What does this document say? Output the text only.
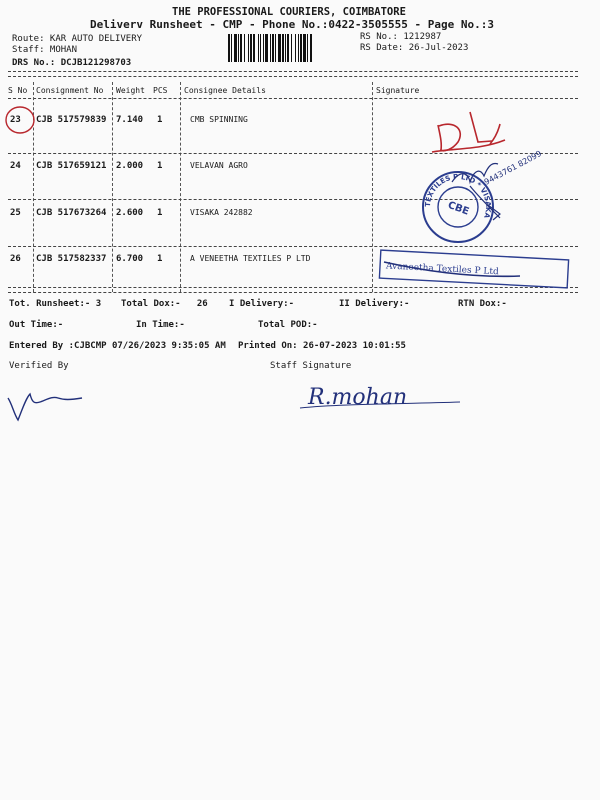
THE PROFESSIONAL COURIERS, COIMBATORE
Deliverv Runsheet - CMP - Phone No.:0422-3505555 - Page No.:3
Route: KAR AUTO DELIVERY
Staff: MOHAN
DRS No.: DCJB121298703
RS No.: 1212987
RS Date: 26-Jul-2023
S No Consignment No Weight PCS Consignee Details	Signature
23 CJB 517579839 7.140 1	CMB SPINNING
24 CJB 517659121 2.000 1	VELAVAN AGRO
25 CJB 517673264 2.600 1	VISAKA 242882
26 CJB 517582337 6.700 1	A VENEETHA TEXTILES P LTD
Tot. Runsheet:- 3 Total Dox:-   26 I Delivery:-	II Delivery:-	RTN Dox:-
Out Time:-	In Time:-	Total POD:-
Entered By :CJBCMP 07/26/2023 9:35:05 AM Printed On: 26-07-2023 10:01:55
Verified By	Staff Signature
9443761 82099
TEXTILES P LTD * VISAKA
CBE
Avaneetha Textiles P Ltd
R.mohan
